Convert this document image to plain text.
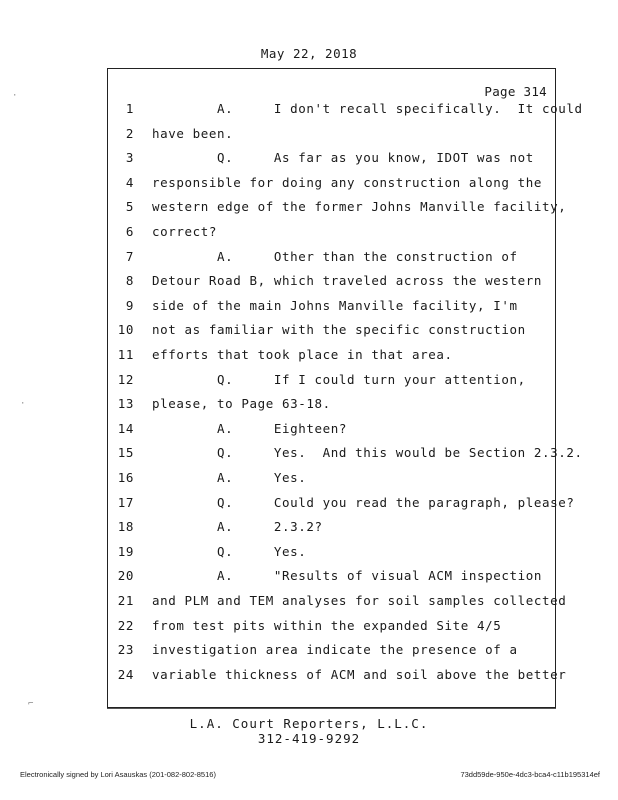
·
·
⌐
May 22, 2018
Page 314
1 A.     I don't recall specifically.  It could
2 have been.
3 Q.     As far as you know, IDOT was not
4 responsible for doing any construction along the
5 western edge of the former Johns Manville facility,
6 correct?
7 A.     Other than the construction of
8 Detour Road B, which traveled across the western
9 side of the main Johns Manville facility, I'm
10 not as familiar with the specific construction
11 efforts that took place in that area.
12 Q.     If I could turn your attention,
13 please, to Page 63-18.
14 A.     Eighteen?
15 Q.     Yes.  And this would be Section 2.3.2.
16 A.     Yes.
17 Q.     Could you read the paragraph, please?
18 A.     2.3.2?
19 Q.     Yes.
20 A.     "Results of visual ACM inspection
21 and PLM and TEM analyses for soil samples collected
22 from test pits within the expanded Site 4/5
23 investigation area indicate the presence of a
24 variable thickness of ACM and soil above the better
L.A. Court Reporters, L.L.C.
312-419-9292
Electronically signed by Lori Asauskas (201-082-802-8516)	73dd59de-950e-4dc3-bca4-c11b195314ef
